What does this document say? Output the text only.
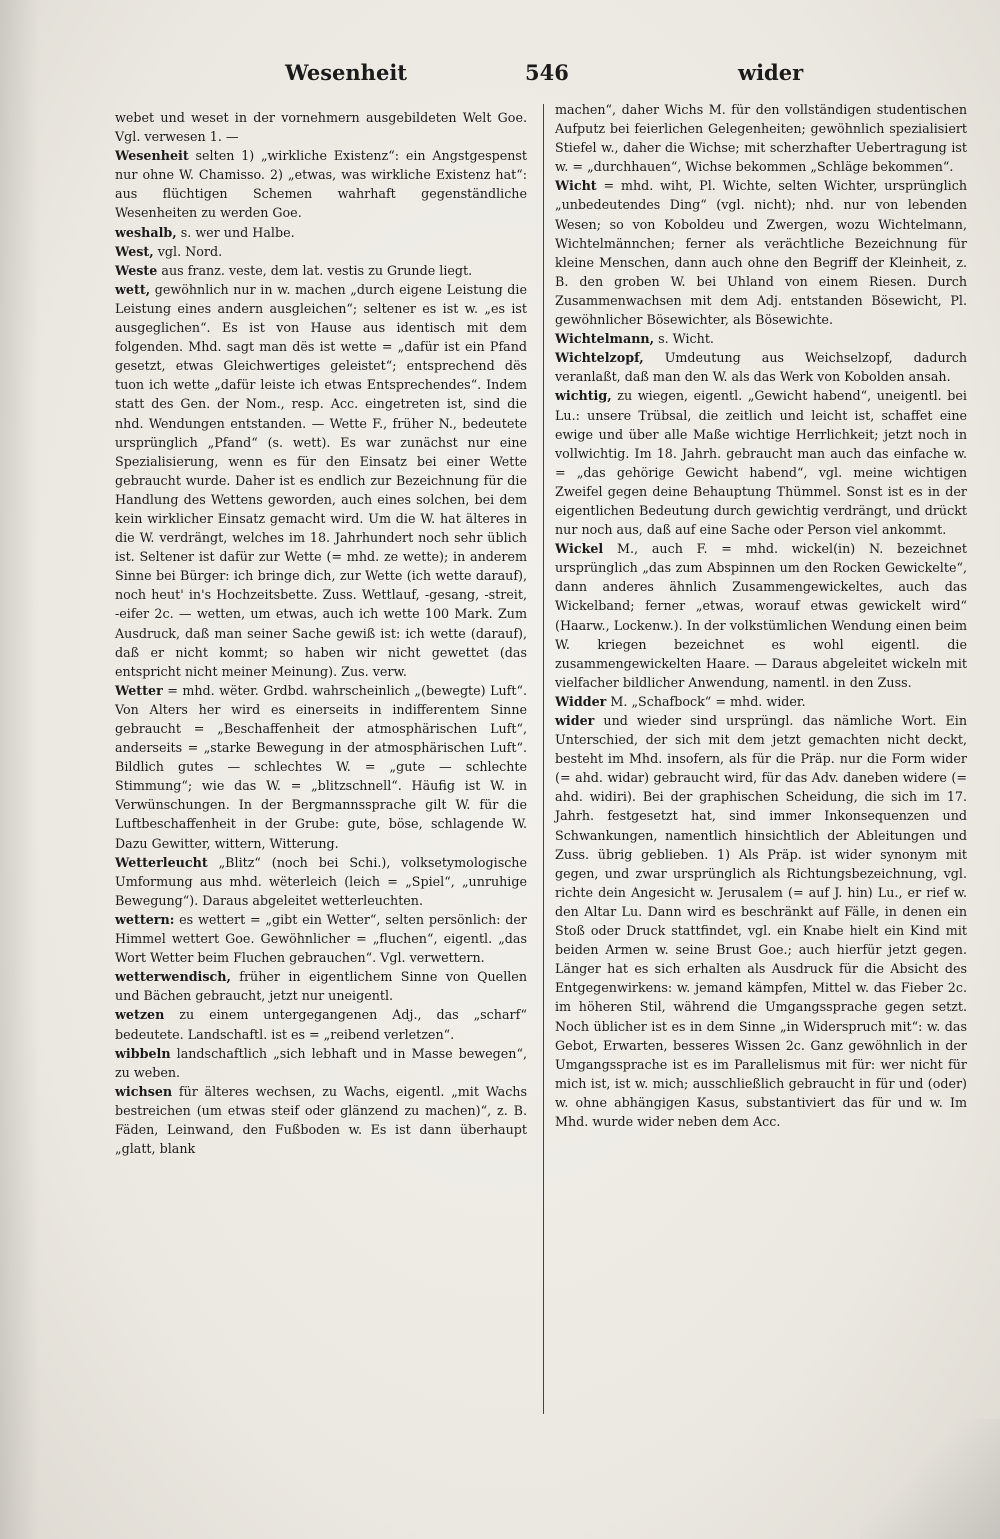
Wesenheit	546	wider

webet und weset in der vornehmern ausgebildeten Welt Goe. Vgl. verwesen 1. —

Wesenheit selten 1) „wirkliche Existenz“: ein Angstgespenst nur ohne W. Chamisso. 2) „etwas, was wirkliche Existenz hat“: aus flüchtigen Schemen wahrhaft gegenständliche Wesenheiten zu werden Goe.

weshalb, s. wer und Halbe.

West, vgl. Nord.

Weste aus franz. veste, dem lat. vestis zu Grunde liegt.

wett, gewöhnlich nur in w. machen „durch eigene Leistung die Leistung eines andern ausgleichen“; seltener es ist w. „es ist ausgeglichen“. Es ist von Hause aus identisch mit dem folgenden. Mhd. sagt man dës ist wette = „dafür ist ein Pfand gesetzt, etwas Gleichwertiges geleistet“; entsprechend dës tuon ich wette „dafür leiste ich etwas Entsprechendes“. Indem statt des Gen. der Nom., resp. Acc. eingetreten ist, sind die nhd. Wendungen entstanden. — Wette F., früher N., bedeutete ursprünglich „Pfand“ (s. wett). Es war zunächst nur eine Spezialisierung, wenn es für den Einsatz bei einer Wette gebraucht wurde. Daher ist es endlich zur Bezeichnung für die Handlung des Wettens geworden, auch eines solchen, bei dem kein wirklicher Einsatz gemacht wird. Um die W. hat älteres in die W. verdrängt, welches im 18. Jahrhundert noch sehr üblich ist. Seltener ist dafür zur Wette (= mhd. ze wette); in anderem Sinne bei Bürger: ich bringe dich, zur Wette (ich wette darauf), noch heut' in's Hochzeitsbette. Zuss. Wettlauf, -gesang, -streit, -eifer 2c. — wetten, um etwas, auch ich wette 100 Mark. Zum Ausdruck, daß man seiner Sache gewiß ist: ich wette (darauf), daß er nicht kommt; so haben wir nicht gewettet (das entspricht nicht meiner Meinung). Zus. verw.

Wetter = mhd. wëter. Grdbd. wahrscheinlich „(bewegte) Luft“. Von Alters her wird es einerseits in indifferentem Sinne gebraucht = „Beschaffenheit der atmosphärischen Luft“, anderseits = „starke Bewegung in der atmosphärischen Luft“. Bildlich gutes — schlechtes W. = „gute — schlechte Stimmung“; wie das W. = „blitzschnell“. Häufig ist W. in Verwünschungen. In der Bergmannssprache gilt W. für die Luftbeschaffenheit in der Grube: gute, böse, schlagende W. Dazu Gewitter, wittern, Witterung.

Wetterleucht „Blitz“ (noch bei Schi.), volksetymologische Umformung aus mhd. wëterleich (leich = „Spiel“, „unruhige Bewegung“). Daraus abgeleitet wetterleuchten.

wettern: es wettert = „gibt ein Wetter“, selten persönlich: der Himmel wettert Goe. Gewöhnlicher = „fluchen“, eigentl. „das Wort Wetter beim Fluchen gebrauchen“. Vgl. verwettern.

wetterwendisch, früher in eigentlichem Sinne von Quellen und Bächen gebraucht, jetzt nur uneigentl.

wetzen zu einem untergegangenen Adj., das „scharf“ bedeutete. Landschaftl. ist es = „reibend verletzen“.

wibbeln landschaftlich „sich lebhaft und in Masse bewegen“, zu weben.

wichsen für älteres wechsen, zu Wachs, eigentl. „mit Wachs bestreichen (um etwas steif oder glänzend zu machen)“, z. B. Fäden, Leinwand, den Fußboden w. Es ist dann überhaupt „glatt, blank

machen“, daher Wichs M. für den vollständigen studentischen Aufputz bei feierlichen Gelegenheiten; gewöhnlich spezialisiert Stiefel w., daher die Wichse; mit scherzhafter Uebertragung ist w. = „durchhauen“, Wichse bekommen „Schläge bekommen“.

Wicht = mhd. wiht, Pl. Wichte, selten Wichter, ursprünglich „unbedeutendes Ding“ (vgl. nicht); nhd. nur von lebenden Wesen; so von Koboldeu und Zwergen, wozu Wichtelmann, Wichtelmännchen; ferner als verächtliche Bezeichnung für kleine Menschen, dann auch ohne den Begriff der Kleinheit, z. B. den groben W. bei Uhland von einem Riesen. Durch Zusammenwachsen mit dem Adj. entstanden Bösewicht, Pl. gewöhnlicher Bösewichter, als Bösewichte.

Wichtelmann, s. Wicht.

Wichtelzopf, Umdeutung aus Weichselzopf, dadurch veranlaßt, daß man den W. als das Werk von Kobolden ansah.

wichtig, zu wiegen, eigentl. „Gewicht habend“, uneigentl. bei Lu.: unsere Trübsal, die zeitlich und leicht ist, schaffet eine ewige und über alle Maße wichtige Herrlichkeit; jetzt noch in vollwichtig. Im 18. Jahrh. gebraucht man auch das einfache w. = „das gehörige Gewicht habend“, vgl. meine wichtigen Zweifel gegen deine Behauptung Thümmel. Sonst ist es in der eigentlichen Bedeutung durch gewichtig verdrängt, und drückt nur noch aus, daß auf eine Sache oder Person viel ankommt.

Wickel M., auch F. = mhd. wickel(in) N. bezeichnet ursprünglich „das zum Abspinnen um den Rocken Gewickelte“, dann anderes ähnlich Zusammengewickeltes, auch das Wickelband; ferner „etwas, worauf etwas gewickelt wird“ (Haarw., Lockenw.). In der volkstümlichen Wendung einen beim W. kriegen bezeichnet es wohl eigentl. die zusammengewickelten Haare. — Daraus abgeleitet wickeln mit vielfacher bildlicher Anwendung, namentl. in den Zuss.

Widder M. „Schafbock“ = mhd. wider.

wider und wieder sind ursprüngl. das nämliche Wort. Ein Unterschied, der sich mit dem jetzt gemachten nicht deckt, besteht im Mhd. insofern, als für die Präp. nur die Form wider (= ahd. widar) gebraucht wird, für das Adv. daneben widere (= ahd. widiri). Bei der graphischen Scheidung, die sich im 17. Jahrh. festgesetzt hat, sind immer Inkonsequenzen und Schwankungen, namentlich hinsichtlich der Ableitungen und Zuss. übrig geblieben. 1) Als Präp. ist wider synonym mit gegen, und zwar ursprünglich als Richtungsbezeichnung, vgl. richte dein Angesicht w. Jerusalem (= auf J. hin) Lu., er rief w. den Altar Lu. Dann wird es beschränkt auf Fälle, in denen ein Stoß oder Druck stattfindet, vgl. ein Knabe hielt ein Kind mit beiden Armen w. seine Brust Goe.; auch hierfür jetzt gegen. Länger hat es sich erhalten als Ausdruck für die Absicht des Entgegenwirkens: w. jemand kämpfen, Mittel w. das Fieber 2c. im höheren Stil, während die Umgangssprache gegen setzt. Noch üblicher ist es in dem Sinne „in Widerspruch mit“: w. das Gebot, Erwarten, besseres Wissen 2c. Ganz gewöhnlich in der Umgangssprache ist es im Parallelismus mit für: wer nicht für mich ist, ist w. mich; ausschließlich gebraucht in für und (oder) w. ohne abhängigen Kasus, substantiviert das für und w. Im Mhd. wurde wider neben dem Acc.
